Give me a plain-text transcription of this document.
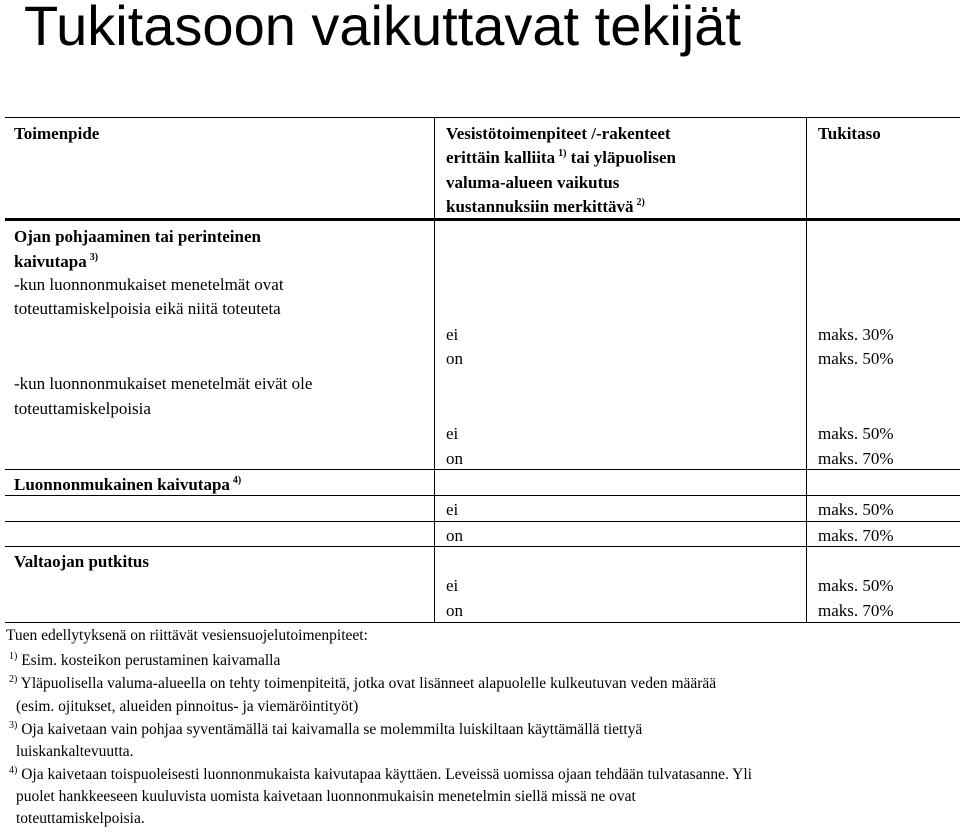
Tukitasoon vaikuttavat tekijät
Toimenpide	Vesistötoimenpiteet /-rakenteet
erittäin kalliita $^{1)}$ tai yläpuolisen
valuma-alueen vaikutus
kustannuksiin merkittävä $^{2)}$
Tukitaso
Ojan pohjaaminen tai perinteinen
kaivutapa $^{3)}$
-kun luonnonmukaiset menetelmät ovat
toteuttamiskelpoisia eikä niitä toteuteta
-kun luonnonmukaiset menetelmät eivät ole
toteuttamiskelpoisia
ei
on
ei
on
maks. 30%
maks. 50%
maks. 50%
maks. 70%
Luonnonmukainen kaivutapa $^{4)}$
ei
on
maks. 50%
maks. 70%
Valtaojan putkitus
ei
on
maks. 50%
maks. 70%
Tuen edellytyksenä on riittävät vesiensuojelutoimenpiteet:
$^{1)}$ Esim. kosteikon perustaminen kaivamalla
$^{2)}$ Yläpuolisella valuma-alueella on tehty toimenpiteitä, jotka ovat lisänneet alapuolelle kulkeutuvan veden määrää
(esim. ojitukset, alueiden pinnoitus- ja viemäröintityöt)
$^{3)}$ Oja kaivetaan vain pohjaa syventämällä tai kaivamalla se molemmilta luiskiltaan käyttämällä tiettyä
luiskankaltevuutta.
$^{4)}$ Oja kaivetaan toispuoleisesti luonnonmukaista kaivutapaa käyttäen. Leveissä uomissa ojaan tehdään tulvatasanne. Yli
puolet hankkeeseen kuuluvista uomista kaivetaan luonnonmukaisin menetelmin siellä missä ne ovat
toteuttamiskelpoisia.
